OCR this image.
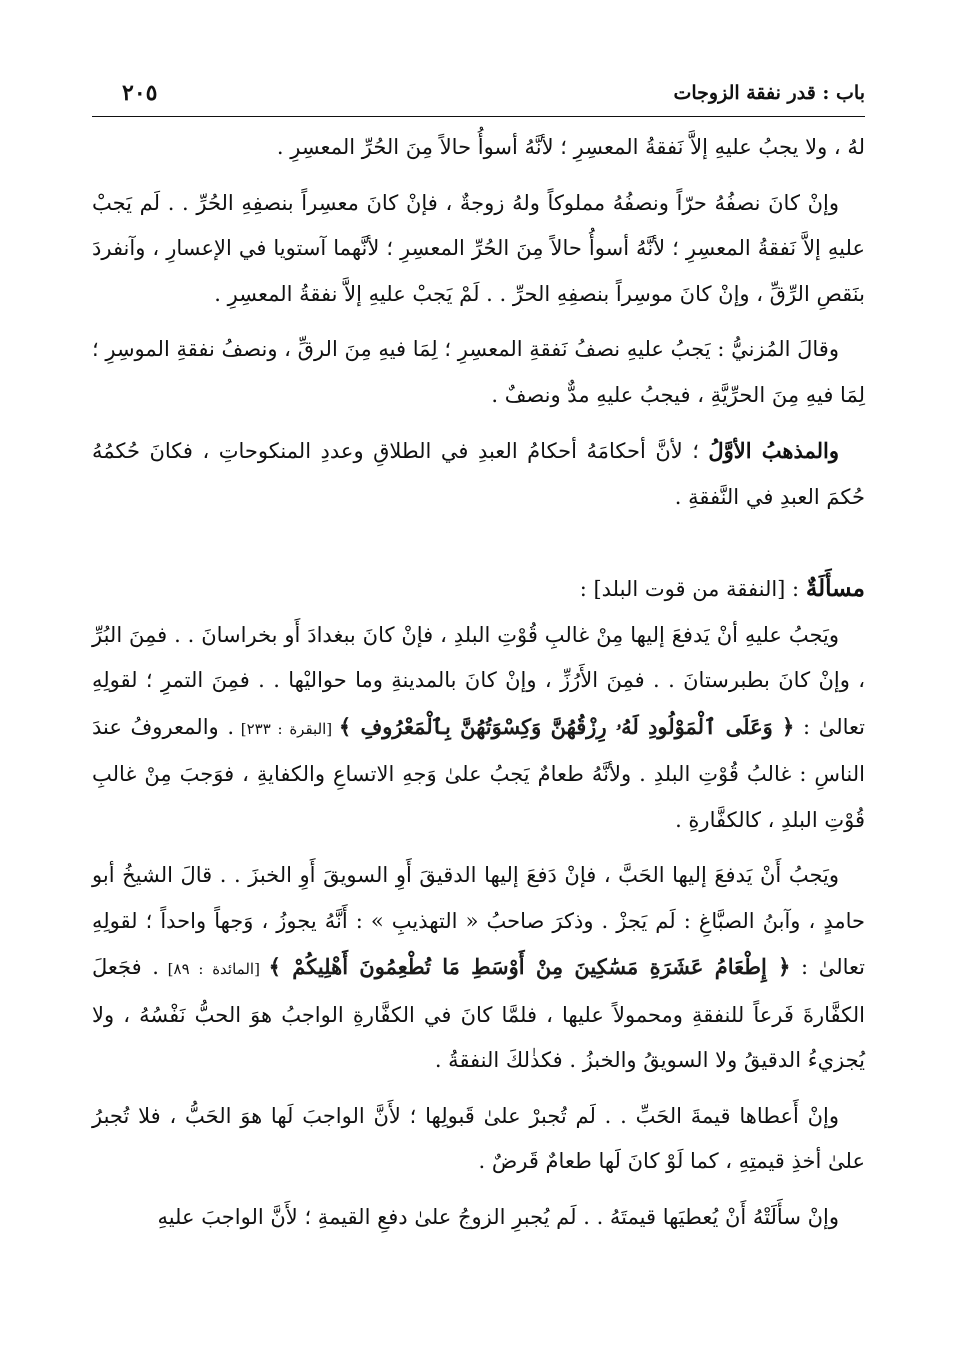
باب : قدر نفقة الزوجات
٢٠٥

لهُ ، ولا يجبُ عليهِ إلاَّ نَفقةُ المعسِرِ ؛ لأنَّهُ أسوأُ حالاً مِنَ الحُرِّ المعسِرِ .

وإنْ كانَ نصفُهُ حرّاً ونصفُهُ مملوكاً ولهُ زوجةٌ ، فإنْ كانَ معسِراً بنصفِهِ الحُرِّ . . لَم يَجبْ عليهِ إلاَّ نَفقةُ المعسِرِ ؛ لأنَّهُ أسوأُ حالاً مِنَ الحُرِّ المعسِرِ ؛ لأنَّهما آستويا في الإعسارِ ، وآنفردَ بنَقصِ الرِّقِّ ، وإنْ كانَ موسِراً بنصفِهِ الحرِّ . . لَمْ يَجبْ عليهِ إلاَّ نفقةُ المعسِرِ .

وقالَ المُزنيُّ : يَجبُ عليهِ نصفُ نَفقةِ المعسِرِ ؛ لِمَا فيهِ مِنَ الرقِّ ، ونصفُ نفقةِ الموسِرِ ؛ لِمَا فيهِ مِنَ الحرِّيَّةِ ، فيجبُ عليهِ مدٌّ ونصفٌ .

والمذهبُ الأوَّلُ ؛ لأنَّ أحكامَهُ أحكامُ العبدِ في الطلاقِ وعددِ المنكوحاتِ ، فكانَ حُكمُهُ حُكمَ العبدِ في النَّفقةِ .

مسأَلَةٌ : [النفقة من قوت البلد] :

ويَجبُ عليهِ أنْ يَدفعَ إليها مِنْ غالبِ قُوْتِ البلدِ ، فإنْ كانَ ببغدادَ أَو بخراسانَ . . فمِنَ البُرِّ ، وإنْ كانَ بطبرستانَ . . فمِنَ الأَرُزِّ ، وإنْ كانَ بالمدينةِ وما حواليْها . . فمِنَ التمرِ ؛ لقولِهِ تعالىٰ : ﴿ وَعَلَى ٱلْمَوْلُودِ لَهُۥ رِزْقُهُنَّ وَكِسْوَتُهُنَّ بِٱلْمَعْرُوفِ ﴾ [البقرة : ٢٣٣] . والمعروفُ عندَ الناسِ : غالبُ قُوْتِ البلدِ . ولأنَّهُ طعامٌ يَجبُ علىٰ وَجهِ الاتساعِ والكفايةِ ، فوَجبَ مِنْ غالبِ قُوْتِ البلدِ ، كالكفَّارةِ .

ويَجبُ أَنْ يَدفعَ إليها الحَبَّ ، فإنْ دَفعَ إليها الدقيقَ أَوِ السويقَ أَوِ الخبزَ . . قالَ الشيخُ أبو حامدٍ ، وآبنُ الصبَّاغِ : لَم يَجزْ . وذكرَ صاحبُ « التهذيبِ » : أَنَّهُ يجوزُ ، وَجهاً واحداً ؛ لقولِهِ تعالىٰ : ﴿ إِطْعَامُ عَشَرَةِ مَسَٰكِينَ مِنْ أَوْسَطِ مَا تُطْعِمُونَ أَهْلِيكُمْ ﴾ [المائدة : ٨٩] . فجَعلَ الكفَّارةَ فَرعاً للنفقةِ ومحمولاً عليها ، فلمَّا كانَ في الكفَّارةِ الواجبُ هوَ الحبُّ نَفْسُهُ ، ولا يُجزيءُ الدقيقُ ولا السويقُ والخبزُ . فكذٰلكَ النفقةُ .

وإنْ أَعطاها قيمةَ الحَبِّ . . لَم تُجبرْ علىٰ قَبولِها ؛ لأَنَّ الواجبَ لَها هوَ الحَبُّ ، فلا تُجبرُ علىٰ أخذِ قيمتِهِ ، كما لَوْ كانَ لَها طعامٌ قَرضٌ .

وإنْ سأَلَتْهُ أَنْ يُعطيَها قيمتَهُ . . لَم يُجبرِ الزوجُ علىٰ دفعِ القيمةِ ؛ لأَنَّ الواجبَ عليهِ
